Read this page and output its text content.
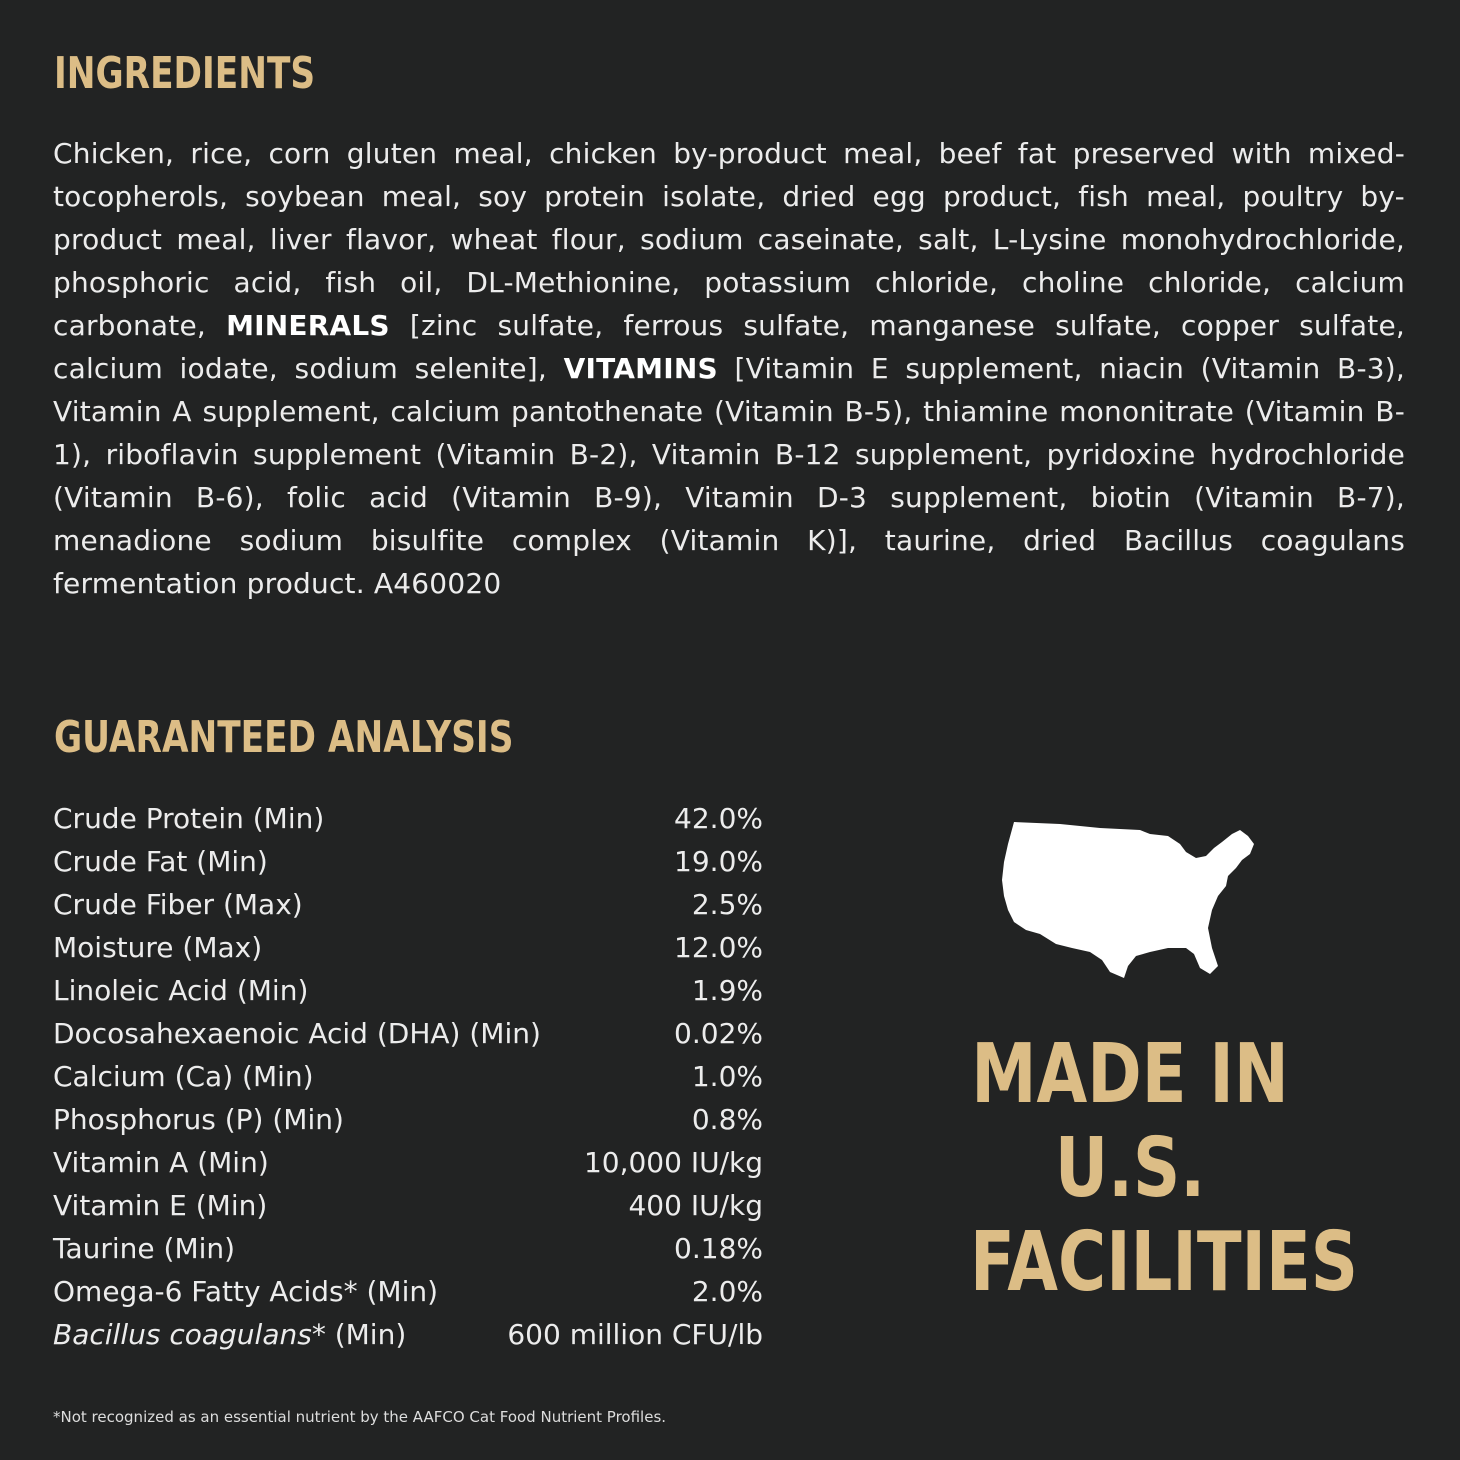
INGREDIENTS

Chicken, rice, corn gluten meal, chicken by-product meal, beef fat preserved with mixed-tocopherols, soybean meal, soy protein isolate, dried egg product, fish meal, poultry by-product meal, liver flavor, wheat flour, sodium caseinate, salt, L-Lysine monohydrochloride, phosphoric acid, fish oil, DL-Methionine, potassium chloride, choline chloride, calcium carbonate, MINERALS [zinc sulfate, ferrous sulfate, manganese sulfate, copper sulfate, calcium iodate, sodium selenite], VITAMINS [Vitamin E supplement, niacin (Vitamin B-3), Vitamin A supplement, calcium pantothenate (Vitamin B-5), thiamine mononitrate (Vitamin B-1), riboflavin supplement (Vitamin B-2), Vitamin B-12 supplement, pyridoxine hydrochloride (Vitamin B-6), folic acid (Vitamin B-9), Vitamin D-3 supplement, biotin (Vitamin B-7), menadione sodium bisulfite complex (Vitamin K)], taurine, dried Bacillus coagulans fermentation product. A460020

GUARANTEED ANALYSIS
Crude Protein (Min)	42.0%
Crude Fat (Min)	19.0%
Crude Fiber (Max)	2.5%
Moisture (Max)	12.0%
Linoleic Acid (Min)	1.9%
Docosahexaenoic Acid (DHA) (Min)	0.02%
Calcium (Ca) (Min)	1.0%
Phosphorus (P) (Min)	0.8%
Vitamin A (Min)	10,000 IU/kg
Vitamin E (Min)	400 IU/kg
Taurine (Min)	0.18%
Omega-6 Fatty Acids* (Min)	2.0%
Bacillus coagulans* (Min)	600 million CFU/lb

*Not recognized as an essential nutrient by the AAFCO Cat Food Nutrient Profiles.

MADE IN
U.S.
FACILITIES
